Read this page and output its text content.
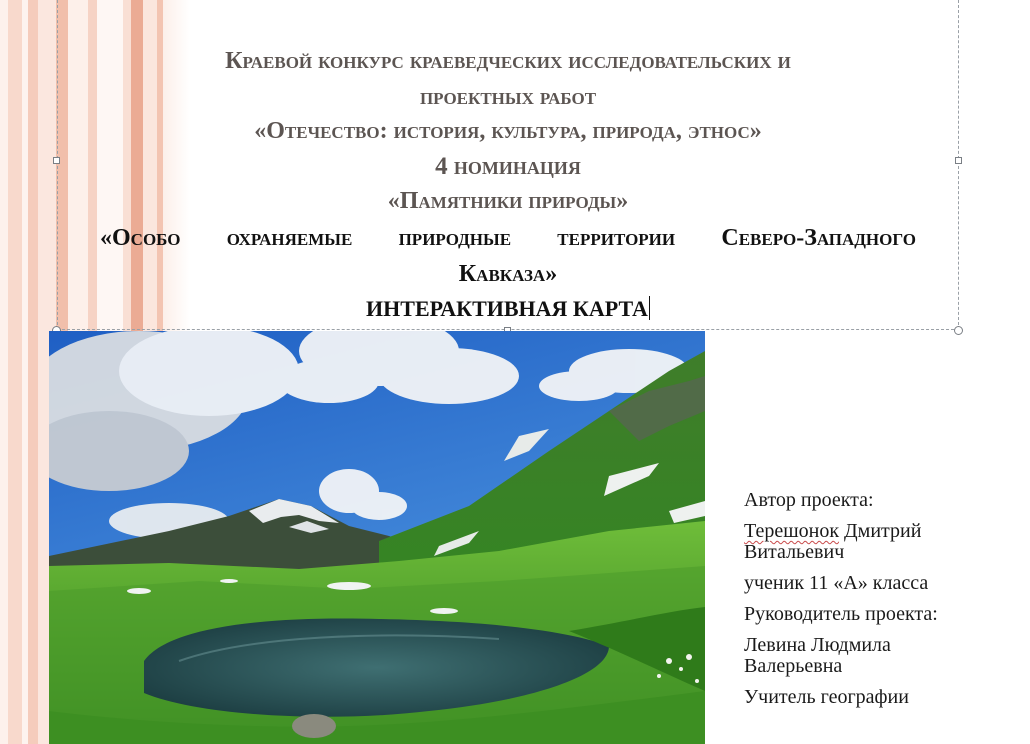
Краевой конкурс краеведческих исследовательских и
проектных работ
«Отечество: история, культура, природа, этнос»
4 номинация
«Памятники природы»
«Особо охраняемые природные территории Северо-Западного
Кавказа»
ИНТЕРАКТИВНАЯ КАРТА
Автор проекта:
Терешонок Дмитрий
Витальевич
ученик 11 «А» класса
Руководитель проекта:
Левина Людмила
Валерьевна
Учитель географии
